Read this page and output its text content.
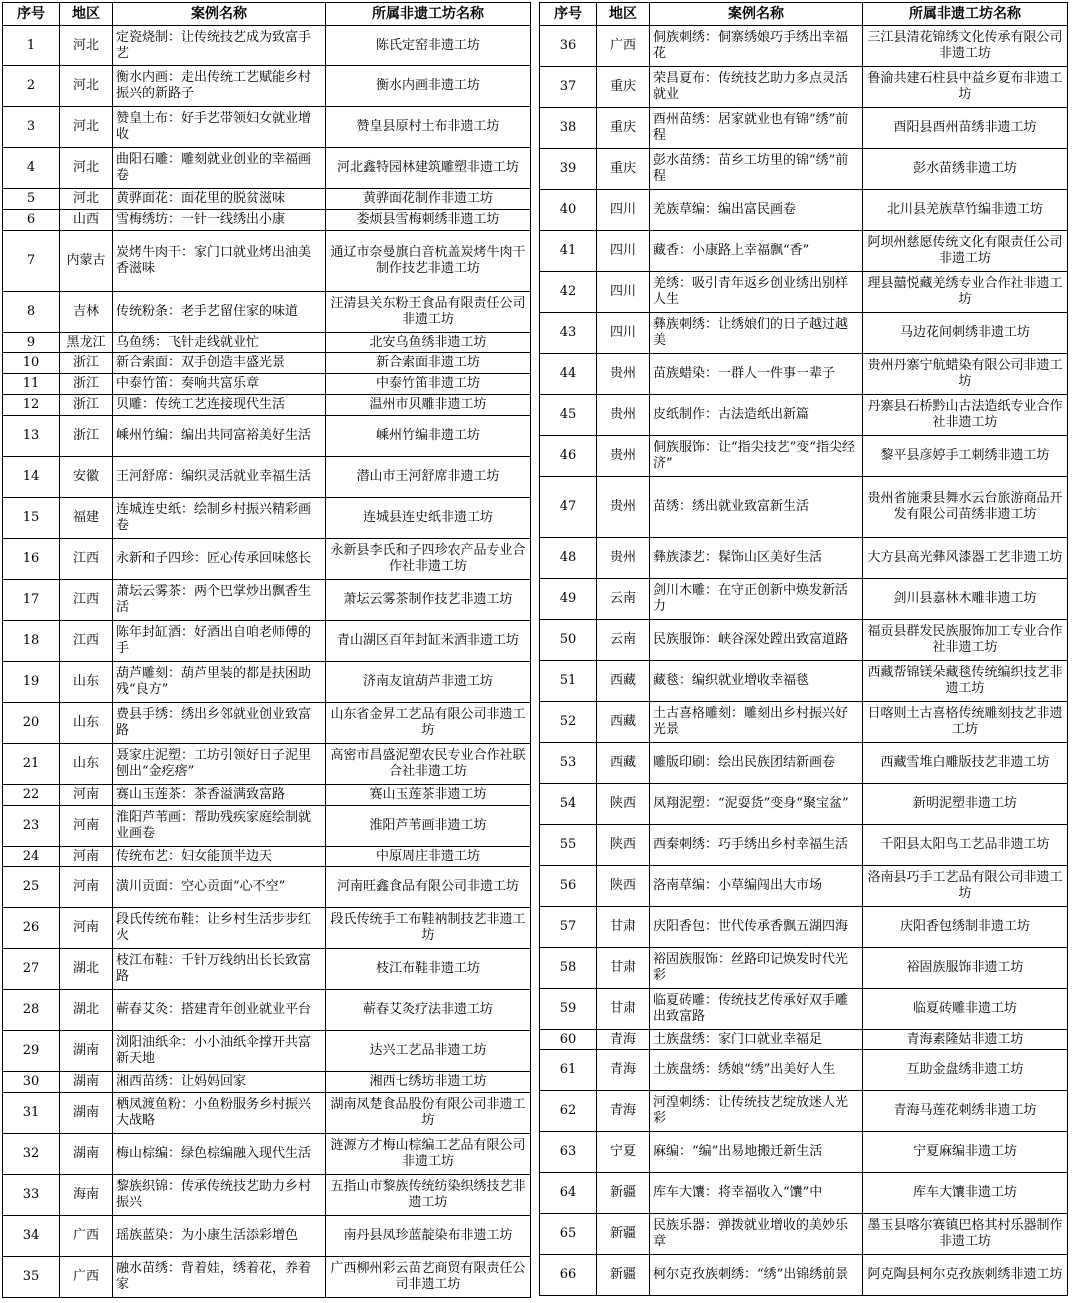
序号	地区	案例名称	所属非遗工坊名称
1	河北	定瓷烧制：让传统技艺成为致富手艺	陈氏定窑非遗工坊
2	河北	衡水内画：走出传统工艺赋能乡村振兴的新路子	衡水内画非遗工坊
3	河北	赞皇土布：好手艺带领妇女就业增收	赞皇县原村土布非遗工坊
4	河北	曲阳石雕：雕刻就业创业的幸福画卷	河北鑫特园林建筑雕塑非遗工坊
5	河北	黄骅面花：面花里的脱贫滋味	黄骅面花制作非遗工坊
6	山西	雪梅绣坊：一针一线绣出小康	娄烦县雪梅刺绣非遗工坊
7	内蒙古	炭烤牛肉干：家门口就业烤出油美香滋味	通辽市奈曼旗白音杭盖炭烤牛肉干制作技艺非遗工坊
8	吉林	传统粉条：老手艺留住家的味道	汪清县关东粉王食品有限责任公司非遗工坊
9	黑龙江	乌鱼绣：飞针走线就业忙	北安乌鱼绣非遗工坊
10	浙江	新合索面：双手创造丰盛光景	新合索面非遗工坊
11	浙江	中泰竹笛：奏响共富乐章	中泰竹笛非遗工坊
12	浙江	贝雕：传统工艺连接现代生活	温州市贝雕非遗工坊
13	浙江	嵊州竹编：编出共同富裕美好生活	嵊州竹编非遗工坊
14	安徽	王河舒席：编织灵活就业幸福生活	潜山市王河舒席非遗工坊
15	福建	连城连史纸：绘制乡村振兴精彩画卷	连城县连史纸非遗工坊
16	江西	永新和子四珍：匠心传承回味悠长	永新县李氏和子四珍农产品专业合作社非遗工坊
17	江西	萧坛云雾茶：两个巴掌炒出飘香生活	萧坛云雾茶制作技艺非遗工坊
18	江西	陈年封缸酒：好酒出自咱老师傅的手	青山湖区百年封缸米酒非遗工坊
19	山东	葫芦雕刻：葫芦里装的都是扶困助残“良方”	济南友谊葫芦非遗工坊
20	山东	费县手绣：绣出乡邻就业创业致富路	山东省金昇工艺品有限公司非遗工坊
21	山东	聂家庄泥塑：工坊引领好日子泥里刨出“金疙瘩”	高密市昌盛泥塑农民专业合作社联合社非遗工坊
22	河南	赛山玉莲茶：茶香溢满致富路	赛山玉莲茶非遗工坊
23	河南	淮阳芦苇画：帮助残疾家庭绘制就业画卷	淮阳芦苇画非遗工坊
24	河南	传统布艺：妇女能顶半边天	中原周庄非遗工坊
25	河南	潢川贡面：空心贡面“心不空”	河南旺鑫食品有限公司非遗工坊
26	河南	段氏传统布鞋：让乡村生活步步红火	段氏传统手工布鞋衲制技艺非遗工坊
27	湖北	枝江布鞋：千针万线纳出长长致富路	枝江布鞋非遗工坊
28	湖北	蕲春艾灸：搭建青年创业就业平台	蕲春艾灸疗法非遗工坊
29	湖南	浏阳油纸伞：小小油纸伞撑开共富新天地	达兴工艺品非遗工坊
30	湖南	湘西苗绣：让妈妈回家	湘西七绣坊非遗工坊
31	湖南	栖凤渡鱼粉：小鱼粉服务乡村振兴大战略	湖南凤楚食品股份有限公司非遗工坊
32	湖南	梅山棕编：绿色棕编融入现代生活	涟源方才梅山棕编工艺品有限公司非遗工坊
33	海南	黎族织锦：传承传统技艺助力乡村振兴	五指山市黎族传统纺染织绣技艺非遗工坊
34	广西	瑶族蓝染：为小康生活添彩增色	南丹县凤珍蓝靛染布非遗工坊
35	广西	融水苗绣：背着娃，绣着花，养着家	广西柳州彩云苗艺商贸有限责任公司非遗工坊
序号	地区	案例名称	所属非遗工坊名称
36	广西	侗族刺绣：侗寨绣娘巧手绣出幸福花	三江县清花锦绣文化传承有限公司非遗工坊
37	重庆	荣昌夏布：传统技艺助力多点灵活就业	鲁渝共建石柱县中益乡夏布非遗工坊
38	重庆	酉州苗绣：居家就业也有锦“绣”前程	酉阳县酉州苗绣非遗工坊
39	重庆	彭水苗绣：苗乡工坊里的锦“绣”前程	彭水苗绣非遗工坊
40	四川	羌族草编：编出富民画卷	北川县羌族草竹编非遗工坊
41	四川	藏香：小康路上幸福飘“香”	阿坝州慈愿传统文化有限责任公司非遗工坊
42	四川	羌绣：吸引青年返乡创业绣出别样人生	理县囍悦藏羌绣专业合作社非遗工坊
43	四川	彝族刺绣：让绣娘们的日子越过越美	马边花间刺绣非遗工坊
44	贵州	苗族蜡染：一群人一件事一辈子	贵州丹寨宁航蜡染有限公司非遗工坊
45	贵州	皮纸制作：古法造纸出新篇	丹寨县石桥黔山古法造纸专业合作社非遗工坊
46	贵州	侗族服饰：让“指尖技艺”变“指尖经济”	黎平县彦婷手工刺绣非遗工坊
47	贵州	苗绣：绣出就业致富新生活	贵州省施秉县舞水云台旅游商品开发有限公司苗绣非遗工坊
48	贵州	彝族漆艺：髹饰山区美好生活	大方县高光彝风漆器工艺非遗工坊
49	云南	剑川木雕：在守正创新中焕发新活力	剑川县嘉林木雕非遗工坊
50	云南	民族服饰：峡谷深处蹚出致富道路	福贡县群发民族服饰加工专业合作社非遗工坊
51	西藏	藏毯：编织就业增收幸福毯	西藏帮锦镁朵藏毯传统编织技艺非遗工坊
52	西藏	土古喜格雕刻：雕刻出乡村振兴好光景	日喀则土古喜格传统雕刻技艺非遗工坊
53	西藏	雕版印刷：绘出民族团结新画卷	西藏雪堆白雕版技艺非遗工坊
54	陕西	凤翔泥塑：“泥耍货”变身“聚宝盆”	新明泥塑非遗工坊
55	陕西	西秦刺绣：巧手绣出乡村幸福生活	千阳县太阳鸟工艺品非遗工坊
56	陕西	洛南草编：小草编闯出大市场	洛南县巧手工艺品有限公司非遗工坊
57	甘肃	庆阳香包：世代传承香飘五湖四海	庆阳香包绣制非遗工坊
58	甘肃	裕固族服饰：丝路印记焕发时代光彩	裕固族服饰非遗工坊
59	甘肃	临夏砖雕：传统技艺传承好双手雕出致富路	临夏砖雕非遗工坊
60	青海	土族盘绣：家门口就业幸福足	青海素隆姑非遗工坊
61	青海	土族盘绣：绣娘“绣”出美好人生	互助金盘绣非遗工坊
62	青海	河湟刺绣：让传统技艺绽放迷人光彩	青海马莲花刺绣非遗工坊
63	宁夏	麻编：“编”出易地搬迁新生活	宁夏麻编非遗工坊
64	新疆	库车大馕：将幸福收入“馕”中	库车大馕非遗工坊
65	新疆	民族乐器：弹拨就业增收的美妙乐章	墨玉县喀尔赛镇巴格其村乐器制作非遗工坊
66	新疆	柯尔克孜族刺绣：“绣”出锦绣前景	阿克陶县柯尔克孜族刺绣非遗工坊
